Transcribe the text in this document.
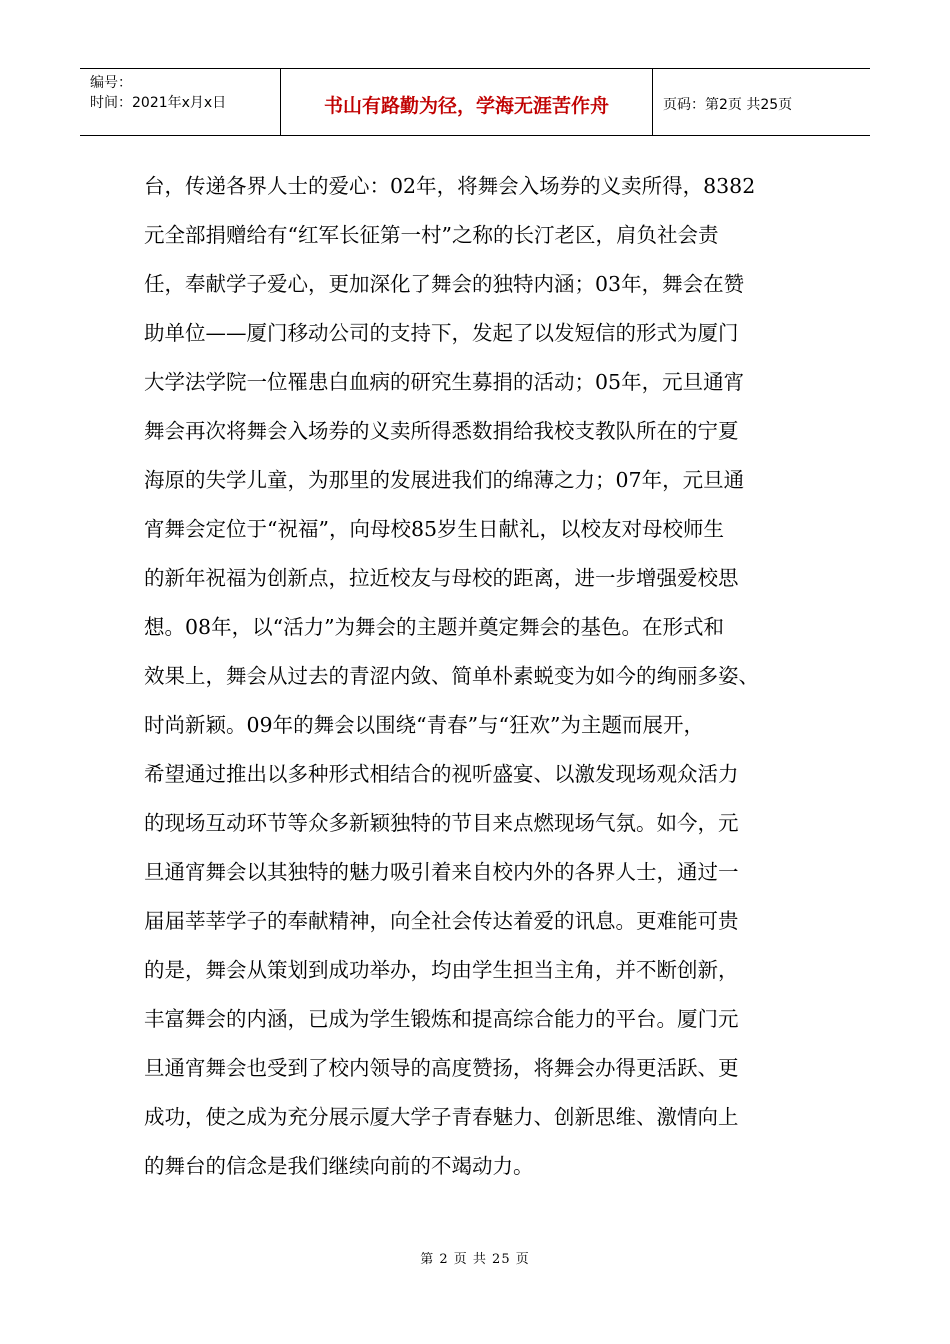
编号：
时间：2021年x月x日	书山有路勤为径，学海无涯苦作舟	页码：第2页 共25页
台，传递各界人士的爱心：02年，将舞会入场券的义卖所得，8382
元全部捐赠给有“红军长征第一村”之称的长汀老区，肩负社会责
任，奉献学子爱心，更加深化了舞会的独特内涵；03年，舞会在赞
助单位——厦门移动公司的支持下，发起了以发短信的形式为厦门
大学法学院一位罹患白血病的研究生募捐的活动；05年，元旦通宵
舞会再次将舞会入场券的义卖所得悉数捐给我校支教队所在的宁夏
海原的失学儿童，为那里的发展进我们的绵薄之力；07年，元旦通
宵舞会定位于“祝福”，向母校85岁生日献礼，以校友对母校师生
的新年祝福为创新点，拉近校友与母校的距离，进一步增强爱校思
想。08年，以“活力”为舞会的主题并奠定舞会的基色。在形式和
效果上，舞会从过去的青涩内敛、简单朴素蜕变为如今的绚丽多姿、
时尚新颖。09年的舞会以围绕“青春”与“狂欢”为主题而展开，
希望通过推出以多种形式相结合的视听盛宴、以激发现场观众活力
的现场互动环节等众多新颖独特的节目来点燃现场气氛。如今，元
旦通宵舞会以其独特的魅力吸引着来自校内外的各界人士，通过一
届届莘莘学子的奉献精神，向全社会传达着爱的讯息。更难能可贵
的是，舞会从策划到成功举办，均由学生担当主角，并不断创新，
丰富舞会的内涵，已成为学生锻炼和提高综合能力的平台。厦门元
旦通宵舞会也受到了校内领导的高度赞扬，将舞会办得更活跃、更
成功，使之成为充分展示厦大学子青春魅力、创新思维、激情向上
的舞台的信念是我们继续向前的不竭动力。
第 2 页 共 25 页
